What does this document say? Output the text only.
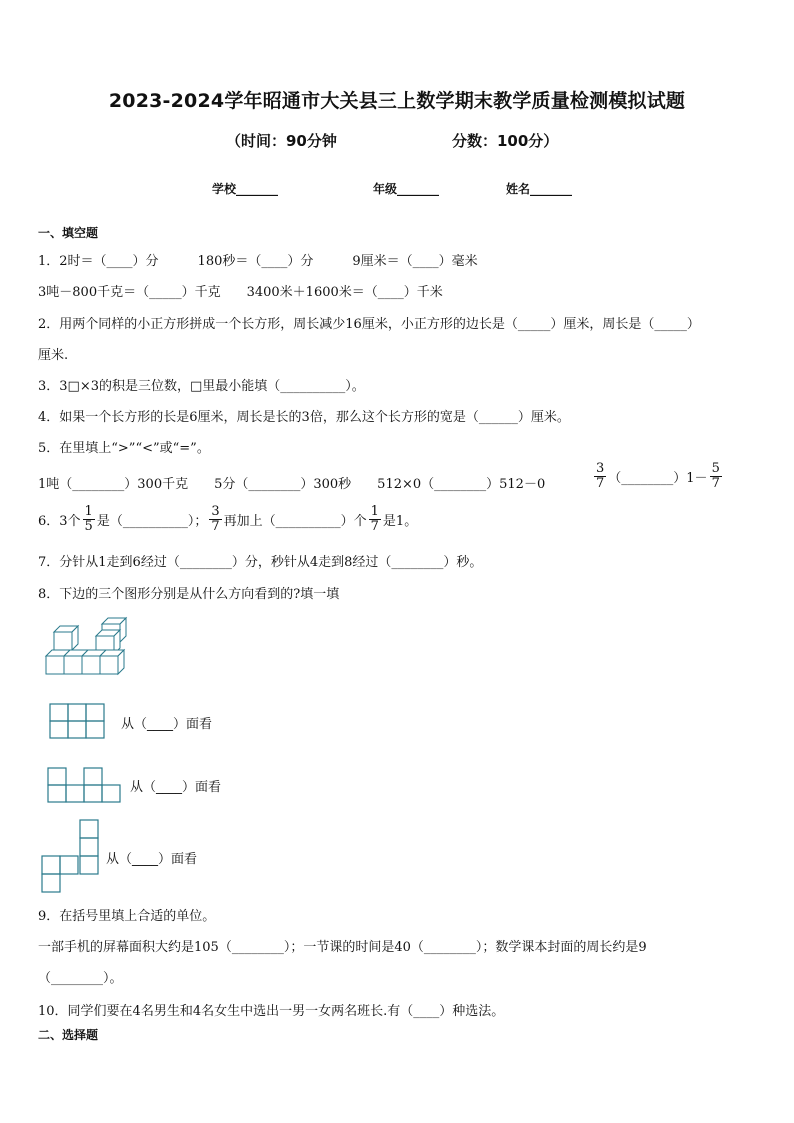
2023-2024学年昭通市大关县三上数学期末教学质量检测模拟试题
（时间：90分钟	分数：100分）
学校_______	年级_______	姓名_______
一、填空题
1．2时＝（____）分　　　180秒＝（____）分　　　9厘米＝（____）毫米
3吨－800千克＝（_____）千克　　3400米＋1600米＝（____）千米
2．用两个同样的小正方形拼成一个长方形，周长减少16厘米，小正方形的边长是（_____）厘米，周长是（_____）
厘米.
3．3□×3的积是三位数，□里最小能填（__________）。
4．如果一个长方形的长是6厘米，周长是长的3倍，那么这个长方形的宽是（______）厘米。
5．在里填上“>”“<”或“=”。
1吨（________）300千克　　5分（________）300秒　　512×0（________）512－0	$\frac{3}{7}$ （________）1－ $\frac{5}{7}$
6．3个 $\frac{1}{5}$ 是（__________）； $\frac{3}{7}$ 再加上（__________）个 $\frac{1}{7}$ 是1。
7．分针从1走到6经过（________）分，秒针从4走到8经过（________）秒。
8．下边的三个图形分别是从什么方向看到的?填一填
从（____）面看
从（____）面看
从（____）面看
9．在括号里填上合适的单位。
一部手机的屏幕面积大约是105（________）；一节课的时间是40（________）；数学课本封面的周长约是9
（________）。
10．同学们要在4名男生和4名女生中选出一男一女两名班长.有（____）种选法。
二、选择题
